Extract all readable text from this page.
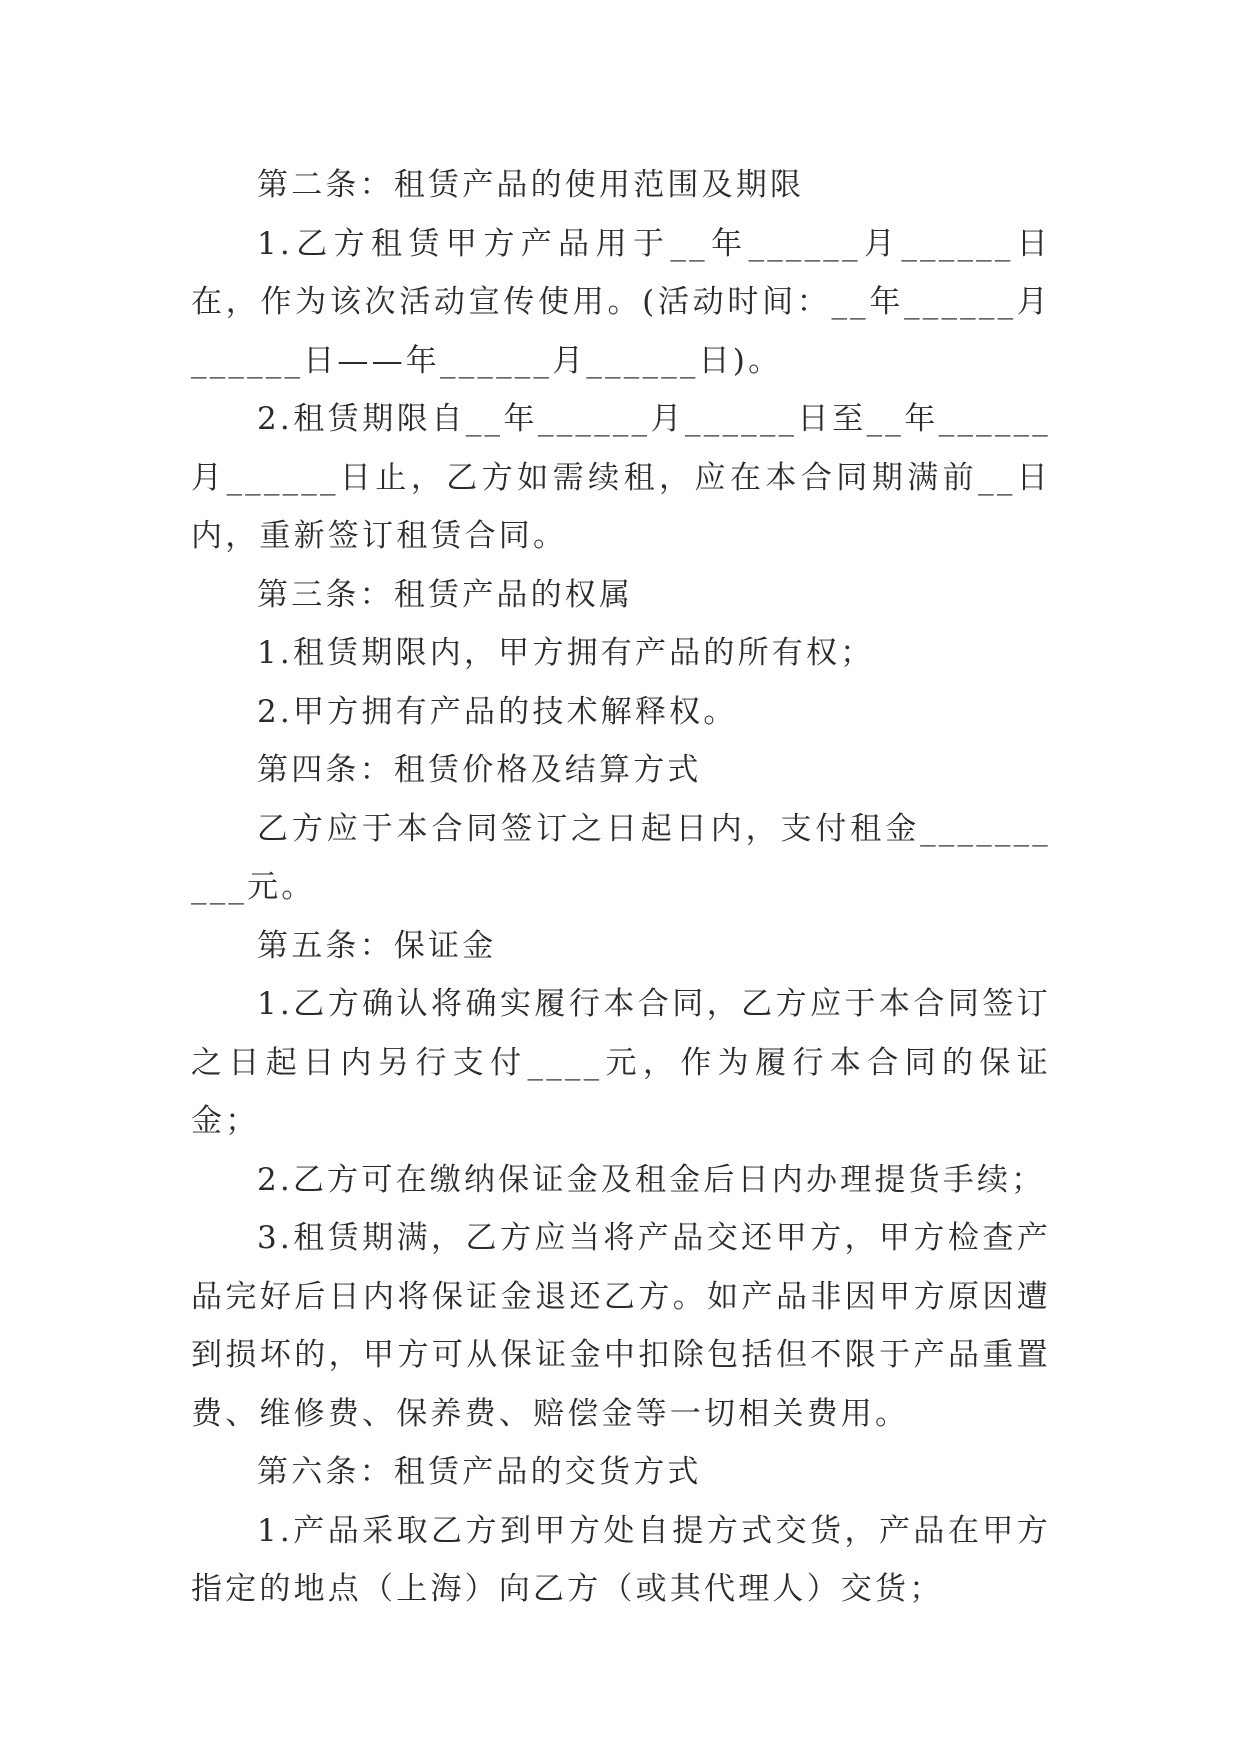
第二条：租赁产品的使用范围及期限

1.乙方租赁甲方产品用于__年______月______日在，作为该次活动宣传使用。(活动时间：__年______月______日——年______月______日)。

2.租赁期限自__年______月______日至__年______月______日止，乙方如需续租，应在本合同期满前__日内，重新签订租赁合同。

第三条：租赁产品的权属

1.租赁期限内，甲方拥有产品的所有权；

2.甲方拥有产品的技术解释权。

第四条：租赁价格及结算方式

乙方应于本合同签订之日起日内，支付租金__________元。

第五条：保证金

1.乙方确认将确实履行本合同，乙方应于本合同签订之日起日内另行支付____元，作为履行本合同的保证金；

2.乙方可在缴纳保证金及租金后日内办理提货手续；

3.租赁期满，乙方应当将产品交还甲方，甲方检查产品完好后日内将保证金退还乙方。如产品非因甲方原因遭到损坏的，甲方可从保证金中扣除包括但不限于产品重置费、维修费、保养费、赔偿金等一切相关费用。

第六条：租赁产品的交货方式

1.产品采取乙方到甲方处自提方式交货，产品在甲方指定的地点（上海）向乙方（或其代理人）交货；
